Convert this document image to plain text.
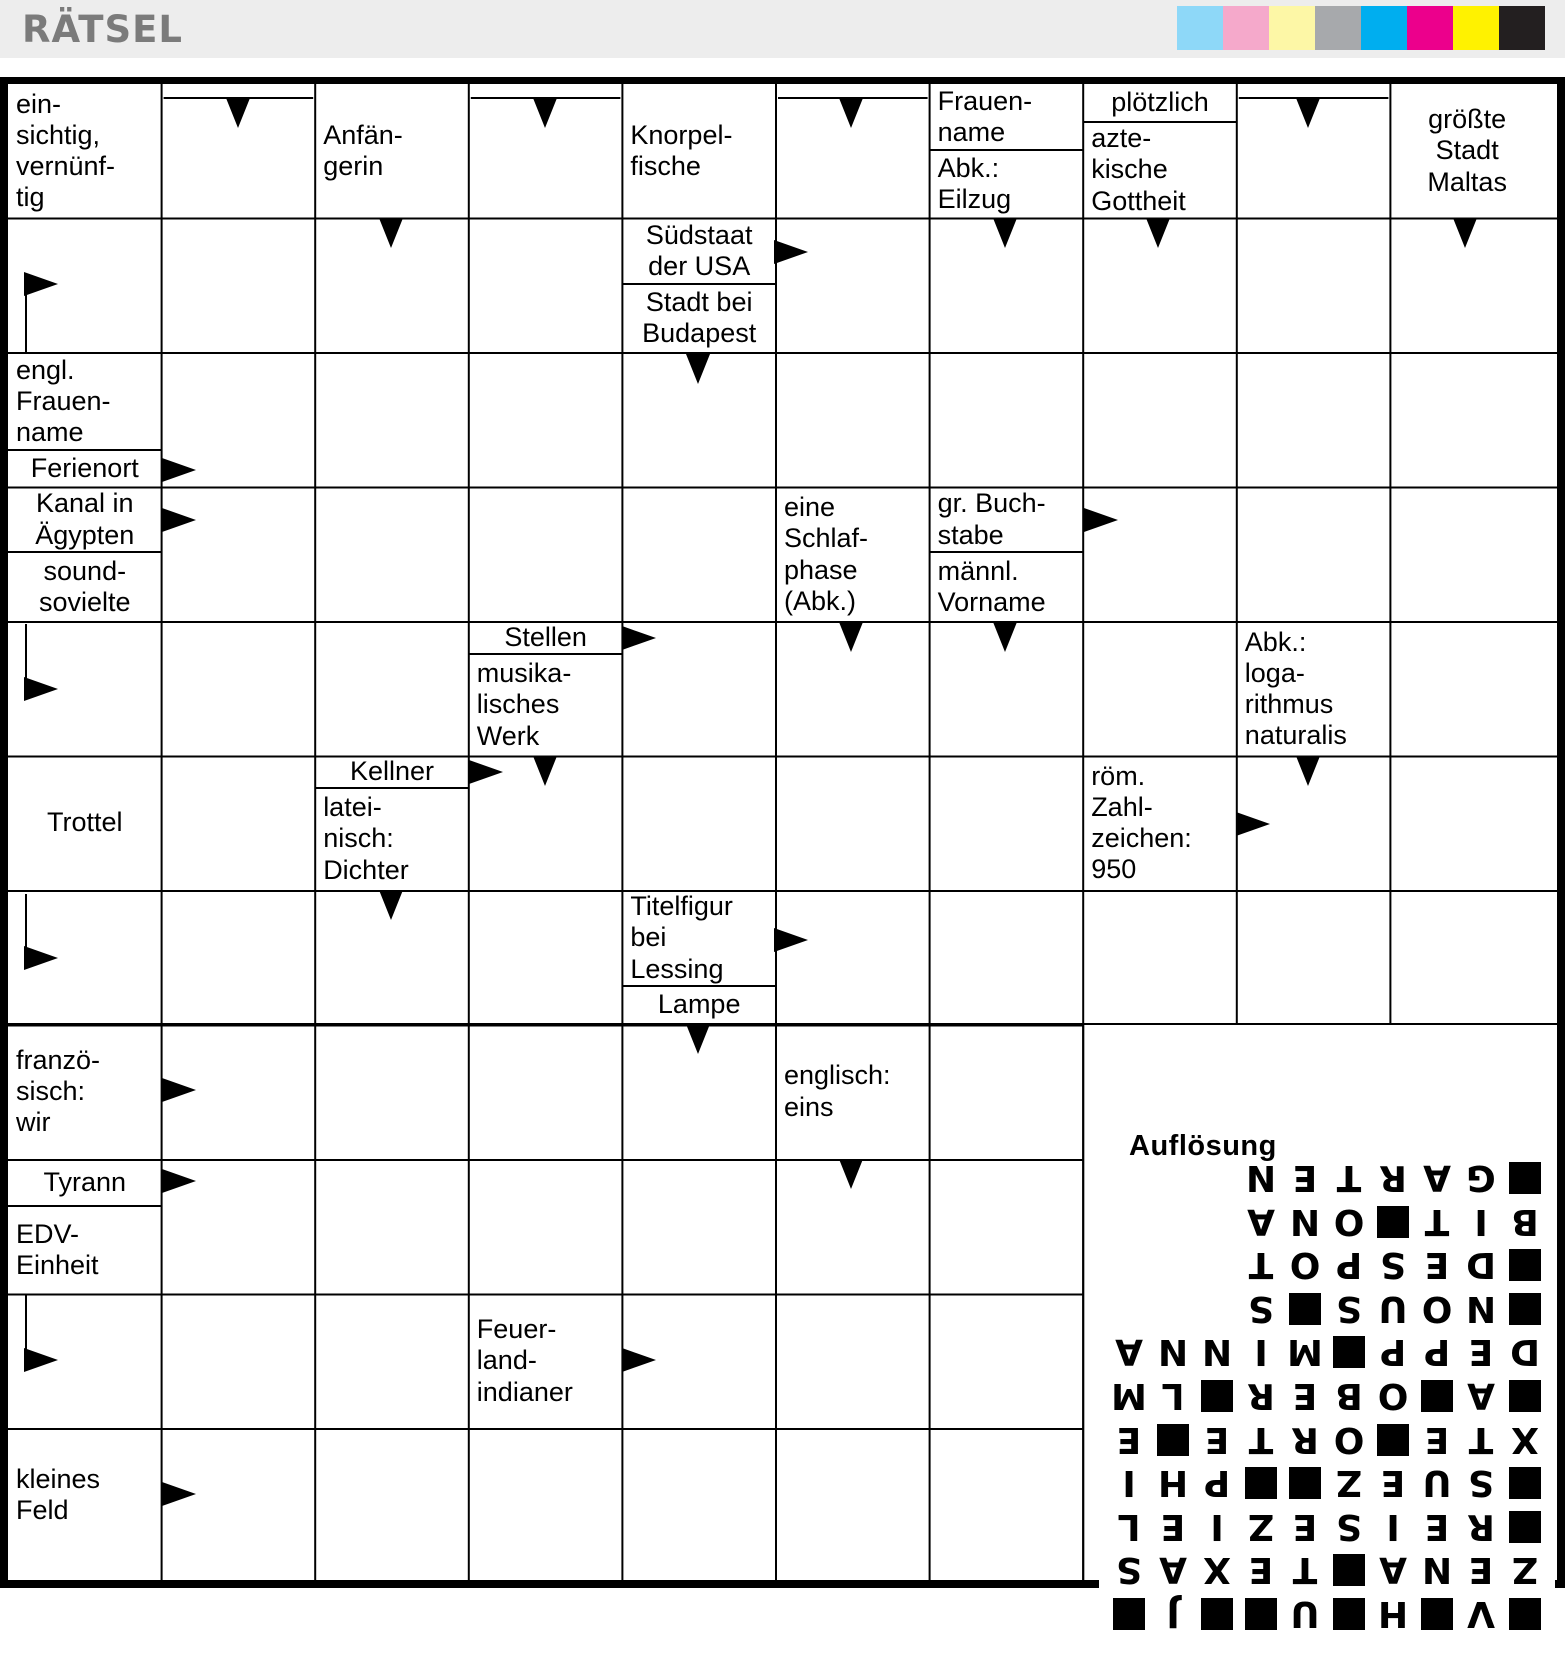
RÄTSEL
ein-
sichtig,
vernünf-
tig
Anfän-
gerin
Knorpel-
fische
Frauen-
name
Abk.:
Eilzug
plötzlich
azte-
kische
Gottheit
größte
Stadt
Maltas
Südstaat
der USA
Stadt bei
Budapest
engl.
Frauen-
name
Ferienort
Kanal in
Ägypten
sound-
sovielte
eine
Schlaf-
phase
(Abk.)
gr. Buch-
stabe
männl.
Vorname
Stellen
musika-
lisches
Werk
Abk.:
loga-
rithmus
naturalis
Trottel
Kellner
latei-
nisch:
Dichter
röm.
Zahl-
zeichen:
950
Titelfigur
bei
Lessing
Lampe
franzö-
sisch:
wir
englisch:
eins
Tyrann
EDV-
Einheit
Feuer-
land-
indianer
kleines
Feld
Auflösung
G
A
R
T
E
N
B
I
T
O
N
A
D
E
S
P
O
T
N
O
U
S
S
D
E
P
P
M
I
N
N
A
A
O
B
E
R
L
M
X
T
E
O
R
T
E
E
S
U
E
Z
P
H
I
R
E
I
S
E
Z
I
E
L
Z
E
N
A
T
E
X
A
S
V
H
U
J
